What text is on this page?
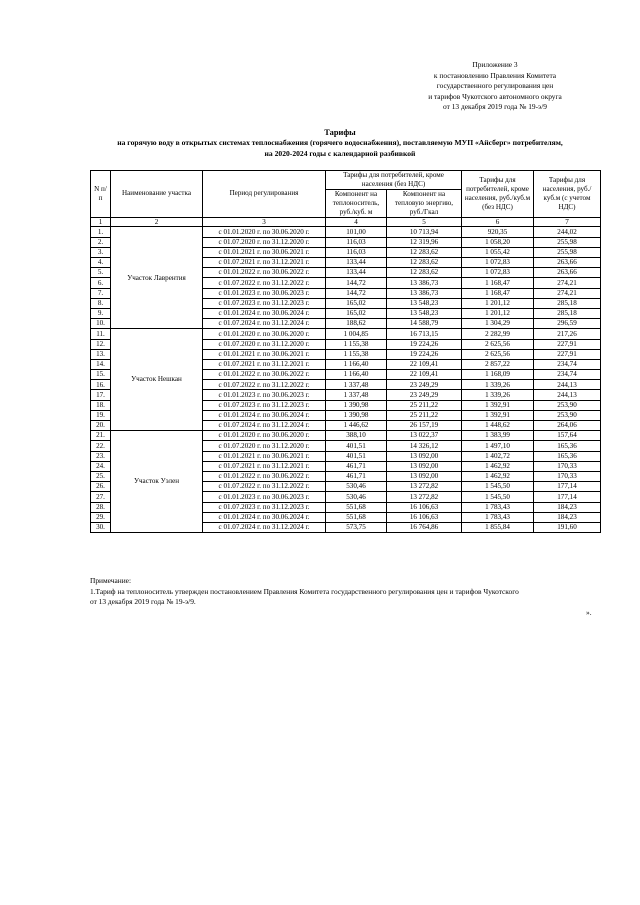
Приложение 3
к постановлению Правления Комитета
государственного регулирования цен
и тарифов Чукотского автономного округа
от 13 декабря 2019 года № 19-э/9
Тарифы
на горячую воду в открытых системах теплоснабжения (горячего водоснабжения), поставляемую МУП «Айсберг» потребителям,
на 2020-2024 годы с календарной разбивкой
N п/п	Наименование участка	Период регулирования	Тарифы для потребителей, кроме населения (без НДС)		Тарифы для потребителей, кроме населения, руб./куб.м (без НДС)	Тарифы для населения, руб./куб.м (с учетом НДС)
			Компонент на теплоноситель, руб./куб. м	Компонент на тепловую энергию, руб./Гкал		
1	2	3	4	5	6	7
1.	Участок Лаврентия	с 01.01.2020 г. по 30.06.2020 г.	101,00	10 713,94	920,35	244,02
2.		с 01.07.2020 г. по 31.12.2020 г.	116,03	12 319,96	1 058,20	255,98
3.		с 01.01.2021 г. по 30.06.2021 г.	116,03	12 283,62	1 055,42	255,98
4.		с 01.07.2021 г. по 31.12.2021 г.	133,44	12 283,62	1 072,83	263,66
5.		с 01.01.2022 г. по 30.06.2022 г.	133,44	12 283,62	1 072,83	263,66
6.		с 01.07.2022 г. по 31.12.2022 г.	144,72	13 386,73	1 168,47	274,21
7.		с 01.01.2023 г. по 30.06.2023 г.	144,72	13 386,73	1 168,47	274,21
8.		с 01.07.2023 г. по 31.12.2023 г.	165,02	13 548,23	1 201,12	285,18
9.		с 01.01.2024 г. по 30.06.2024 г.	165,02	13 548,23	1 201,12	285,18
10.		с 01.07.2024 г. по 31.12.2024 г.	188,62	14 588,79	1 304,29	296,59
11.	Участок Нешкан	с 01.01.2020 г. по 30.06.2020 г.	1 004,85	16 713,15	2 282,99	217,26
12.		с 01.07.2020 г. по 31.12.2020 г.	1 155,38	19 224,26	2 625,56	227,91
13.		с 01.01.2021 г. по 30.06.2021 г.	1 155,38	19 224,26	2 625,56	227,91
14.		с 01.07.2021 г. по 31.12.2021 г.	1 166,40	22 109,41	2 857,22	234,74
15.		с 01.01.2022 г. по 30.06.2022 г.	1 166,40	22 109,41	1 168,09	234,74
16.		с 01.07.2022 г. по 31.12.2022 г.	1 337,48	23 249,29	1 339,26	244,13
17.		с 01.01.2023 г. по 30.06.2023 г.	1 337,48	23 249,29	1 339,26	244,13
18.		с 01.07.2023 г. по 31.12.2023 г.	1 390,98	25 211,22	1 392,91	253,90
19.		с 01.01.2024 г. по 30.06.2024 г.	1 390,98	25 211,22	1 392,91	253,90
20.		с 01.07.2024 г. по 31.12.2024 г.	1 446,62	26 157,19	1 448,62	264,06
21.	Участок Уэлен	с 01.01.2020 г. по 30.06.2020 г.	388,10	13 022,37	1 383,99	157,64
22.		с 01.07.2020 г. по 31.12.2020 г.	401,51	14 326,12	1 497,10	165,36
23.		с 01.01.2021 г. по 30.06.2021 г.	401,51	13 092,00	1 402,72	165,36
24.		с 01.07.2021 г. по 31.12.2021 г.	461,71	13 092,00	1 462,92	170,33
25.		с 01.01.2022 г. по 30.06.2022 г.	461,71	13 092,00	1 462,92	170,33
26.		с 01.07.2022 г. по 31.12.2022 г.	530,46	13 272,82	1 545,50	177,14
27.		с 01.01.2023 г. по 30.06.2023 г.	530,46	13 272,82	1 545,50	177,14
28.		с 01.07.2023 г. по 31.12.2023 г.	551,68	16 106,63	1 783,43	184,23
29.		с 01.01.2024 г. по 30.06.2024 г.	551,68	16 106,63	1 783,43	184,23
30.		с 01.07.2024 г. по 31.12.2024 г.	573,75	16 764,86	1 855,84	191,60
Примечание:
1.Тариф на теплоноситель утвержден постановлением Правления Комитета государственного регулирования цен и тарифов Чукотского
от 13 декабря 2019 года № 19-э/9.
».
